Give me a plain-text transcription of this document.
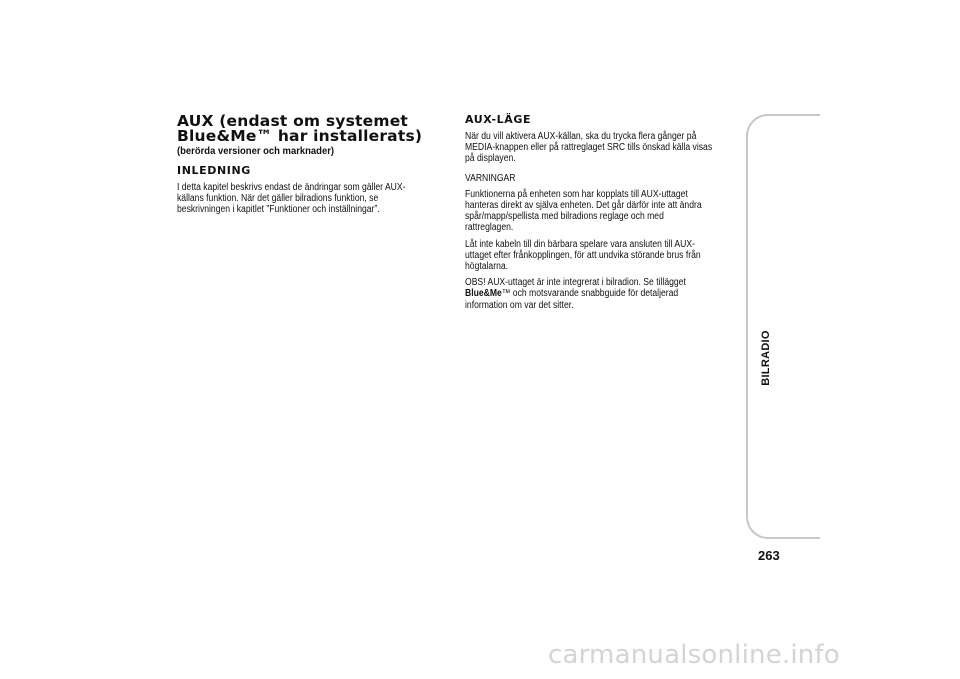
AUX (endast om systemet
Blue&Me™ har installerats)

(berörda versioner och marknader)

INLEDNING

I detta kapitel beskrivs endast de ändringar som gäller AUX-
källans funktion. När det gäller bilradions funktion, se
beskrivningen i kapitlet ”Funktioner och inställningar”.

AUX-LÄGE

När du vill aktivera AUX-källan, ska du trycka flera gånger på
MEDIA-knappen eller på rattreglaget SRC tills önskad källa visas
på displayen.

VARNINGAR

Funktionerna på enheten som har kopplats till AUX-uttaget
hanteras direkt av själva enheten. Det går därför inte att ändra
spår/mapp/spellista med bilradions reglage och med
rattreglagen.

Låt inte kabeln till din bärbara spelare vara ansluten till AUX-
uttaget efter frånkopplingen, för att undvika störande brus från
högtalarna.

OBS! AUX-uttaget är inte integrerat i bilradion. Se tillägget
Blue&Me™ och motsvarande snabbguide för detaljerad
information om var det sitter.

BILRADIO
263
carmanualsonline.info
